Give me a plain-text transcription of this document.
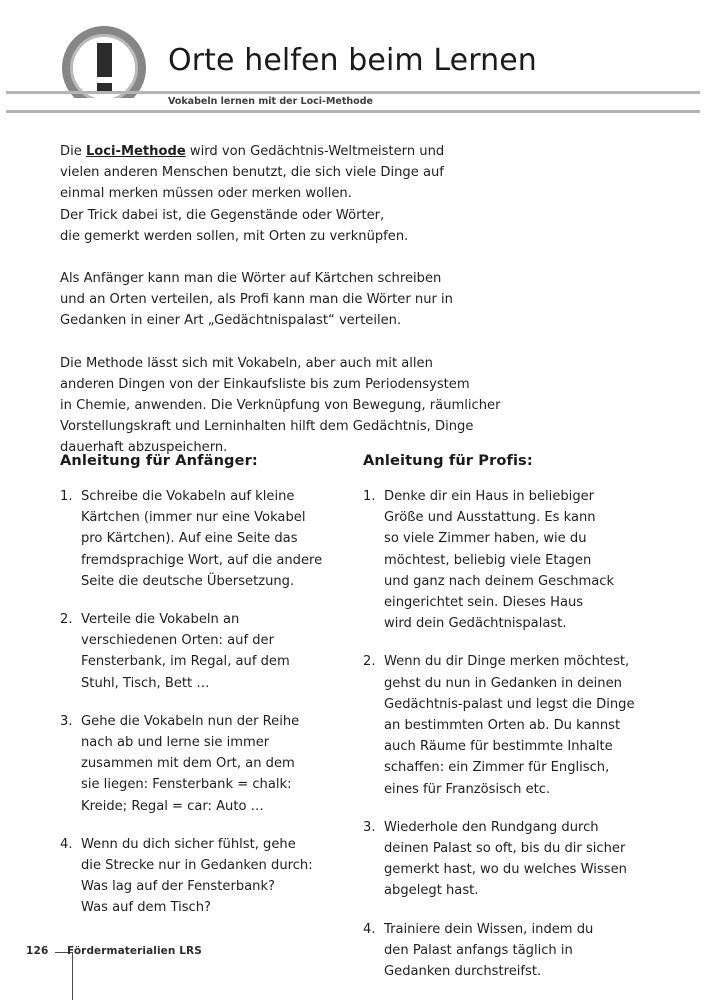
Orte helfen beim Lernen
Vokabeln lernen mit der Loci-Methode

Die Loci-Methode wird von Gedächtnis-Weltmeistern und
vielen anderen Menschen benutzt, die sich viele Dinge auf
einmal merken müssen oder merken wollen.
Der Trick dabei ist, die Gegenstände oder Wörter,
die gemerkt werden sollen, mit Orten zu verknüpfen.

Als Anfänger kann man die Wörter auf Kärtchen schreiben
und an Orten verteilen, als Profi kann man die Wörter nur in
Gedanken in einer Art „Gedächtnispalast“ verteilen.

Die Methode lässt sich mit Vokabeln, aber auch mit allen
anderen Dingen von der Einkaufsliste bis zum Periodensystem
in Chemie, anwenden. Die Verknüpfung von Bewegung, räumlicher
Vorstellungskraft und Lerninhalten hilft dem Gedächtnis, Dinge
dauerhaft abzuspeichern.

Anleitung für Anfänger:
1. Schreibe die Vokabeln auf kleine
Kärtchen (immer nur eine Vokabel
pro Kärtchen). Auf eine Seite das
fremdsprachige Wort, auf die andere
Seite die deutsche Übersetzung.
2. Verteile die Vokabeln an
verschiedenen Orten: auf der
Fensterbank, im Regal, auf dem
Stuhl, Tisch, Bett …
3. Gehe die Vokabeln nun der Reihe
nach ab und lerne sie immer
zusammen mit dem Ort, an dem
sie liegen: Fensterbank = chalk:
Kreide; Regal = car: Auto …
4. Wenn du dich sicher fühlst, gehe
die Strecke nur in Gedanken durch:
Was lag auf der Fensterbank?
Was auf dem Tisch?
Anleitung für Profis:
1. Denke dir ein Haus in beliebiger
Größe und Ausstattung. Es kann
so viele Zimmer haben, wie du
möchtest, beliebig viele Etagen
und ganz nach deinem Geschmack
eingerichtet sein. Dieses Haus
wird dein Gedächtnispalast.
2. Wenn du dir Dinge merken möchtest,
gehst du nun in Gedanken in deinen
Gedächtnis-palast und legst die Dinge
an bestimmten Orten ab. Du kannst
auch Räume für bestimmte Inhalte
schaffen: ein Zimmer für Englisch,
eines für Französisch etc.
3. Wiederhole den Rundgang durch
deinen Palast so oft, bis du dir sicher
gemerkt hast, wo du welches Wissen
abgelegt hast.
4. Trainiere dein Wissen, indem du
den Palast anfangs täglich in
Gedanken durchstreifst.
126 Fördermaterialien LRS
